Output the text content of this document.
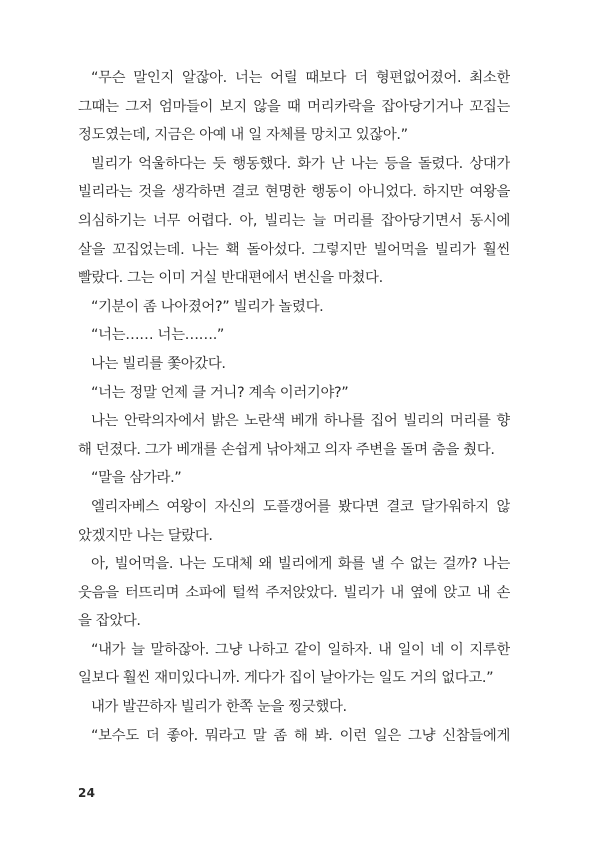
“무슨 말인지 알잖아. 너는 어릴 때보다 더 형편없어졌어. 최소한
그때는 그저 엄마들이 보지 않을 때 머리카락을 잡아당기거나 꼬집는
정도였는데, 지금은 아예 내 일 자체를 망치고 있잖아.”
빌리가 억울하다는 듯 행동했다. 화가 난 나는 등을 돌렸다. 상대가
빌리라는 것을 생각하면 결코 현명한 행동이 아니었다. 하지만 여왕을
의심하기는 너무 어렵다. 아, 빌리는 늘 머리를 잡아당기면서 동시에
살을 꼬집었는데. 나는 홱 돌아섰다. 그렇지만 빌어먹을 빌리가 훨씬
빨랐다. 그는 이미 거실 반대편에서 변신을 마쳤다.
“기분이 좀 나아졌어?” 빌리가 놀렸다.
“너는…… 너는…….”
나는 빌리를 쫓아갔다.
“너는 정말 언제 클 거니? 계속 이러기야?”
나는 안락의자에서 밝은 노란색 베개 하나를 집어 빌리의 머리를 향
해 던졌다. 그가 베개를 손쉽게 낚아채고 의자 주변을 돌며 춤을 췄다.
“말을 삼가라.”
엘리자베스 여왕이 자신의 도플갱어를 봤다면 결코 달가워하지 않
았겠지만 나는 달랐다.
아, 빌어먹을. 나는 도대체 왜 빌리에게 화를 낼 수 없는 걸까? 나는
웃음을 터뜨리며 소파에 털썩 주저앉았다. 빌리가 내 옆에 앉고 내 손
을 잡았다.
“내가 늘 말하잖아. 그냥 나하고 같이 일하자. 내 일이 네 이 지루한
일보다 훨씬 재미있다니까. 게다가 집이 날아가는 일도 거의 없다고.”
내가 발끈하자 빌리가 한쪽 눈을 찡긋했다.
“보수도 더 좋아. 뭐라고 말 좀 해 봐. 이런 일은 그냥 신참들에게
24
